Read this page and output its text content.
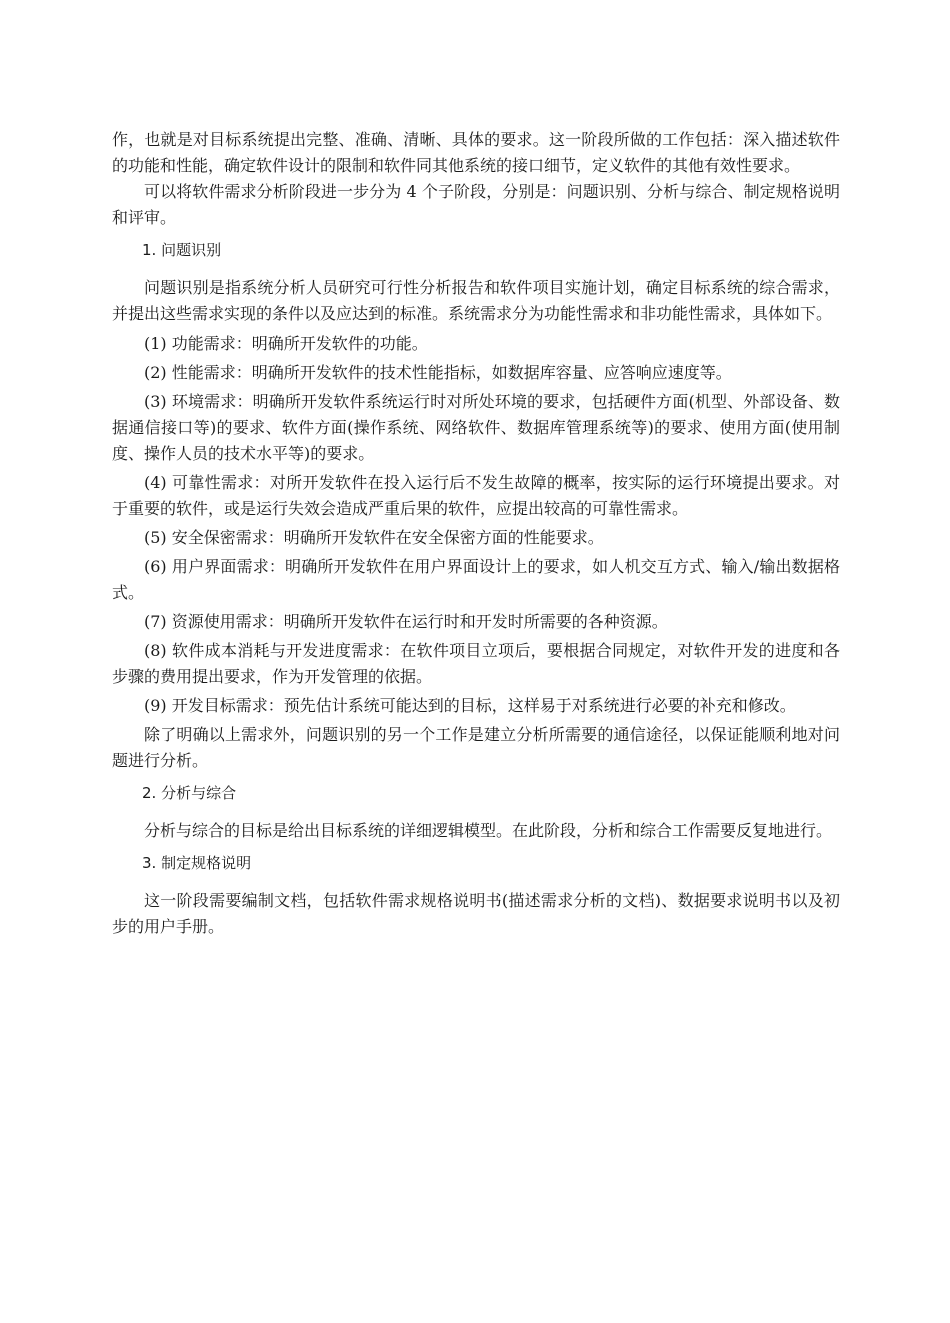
作，也就是对目标系统提出完整、准确、清晰、具体的要求。这一阶段所做的工作包括：深入描述软件的功能和性能，确定软件设计的限制和软件同其他系统的接口细节，定义软件的其他有效性要求。

可以将软件需求分析阶段进一步分为 4 个子阶段，分别是：问题识别、分析与综合、制定规格说明和评审。

1. 问题识别

问题识别是指系统分析人员研究可行性分析报告和软件项目实施计划，确定目标系统的综合需求，并提出这些需求实现的条件以及应达到的标准。系统需求分为功能性需求和非功能性需求，具体如下。

(1) 功能需求：明确所开发软件的功能。

(2) 性能需求：明确所开发软件的技术性能指标，如数据库容量、应答响应速度等。

(3) 环境需求：明确所开发软件系统运行时对所处环境的要求，包括硬件方面(机型、外部设备、数据通信接口等)的要求、软件方面(操作系统、网络软件、数据库管理系统等)的要求、使用方面(使用制度、操作人员的技术水平等)的要求。

(4) 可靠性需求：对所开发软件在投入运行后不发生故障的概率，按实际的运行环境提出要求。对于重要的软件，或是运行失效会造成严重后果的软件，应提出较高的可靠性需求。

(5) 安全保密需求：明确所开发软件在安全保密方面的性能要求。

(6) 用户界面需求：明确所开发软件在用户界面设计上的要求，如人机交互方式、输入/输出数据格式。

(7) 资源使用需求：明确所开发软件在运行时和开发时所需要的各种资源。

(8) 软件成本消耗与开发进度需求：在软件项目立项后，要根据合同规定，对软件开发的进度和各步骤的费用提出要求，作为开发管理的依据。

(9) 开发目标需求：预先估计系统可能达到的目标，这样易于对系统进行必要的补充和修改。

除了明确以上需求外，问题识别的另一个工作是建立分析所需要的通信途径，以保证能顺利地对问题进行分析。

2. 分析与综合

分析与综合的目标是给出目标系统的详细逻辑模型。在此阶段，分析和综合工作需要反复地进行。

3. 制定规格说明

这一阶段需要编制文档，包括软件需求规格说明书(描述需求分析的文档)、数据要求说明书以及初步的用户手册。
